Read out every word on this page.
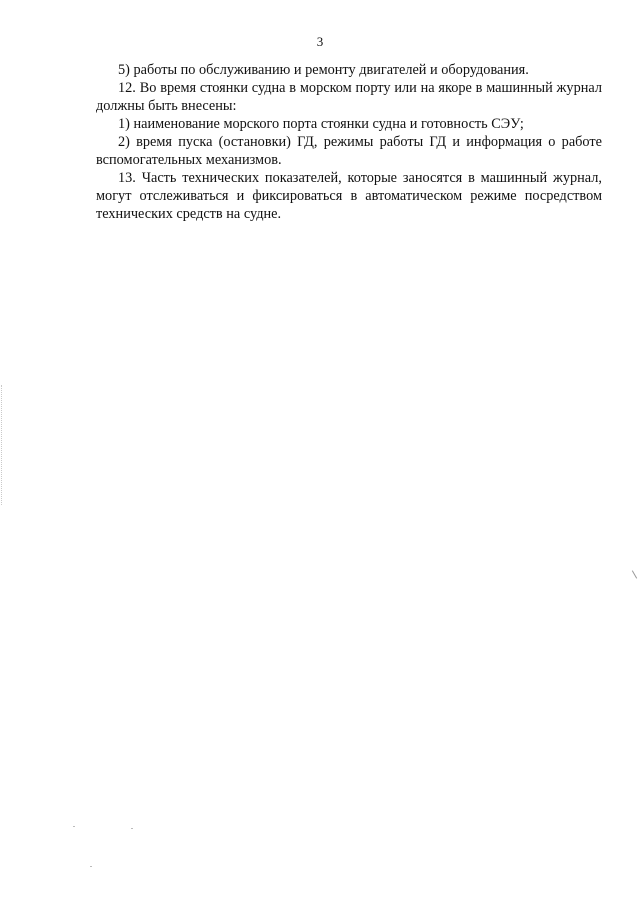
3

5) работы по обслуживанию и ремонту двигателей и оборудования.

12. Во время стоянки судна в морском порту или на якоре в машинный журнал должны быть внесены:

1) наименование морского порта стоянки судна и готовность СЭУ;

2) время пуска (остановки) ГД, режимы работы ГД и информация о работе вспомогательных механизмов.

13. Часть технических показателей, которые заносятся в машинный журнал, могут отслеживаться и фиксироваться в автоматическом режиме посредством технических средств на судне.
